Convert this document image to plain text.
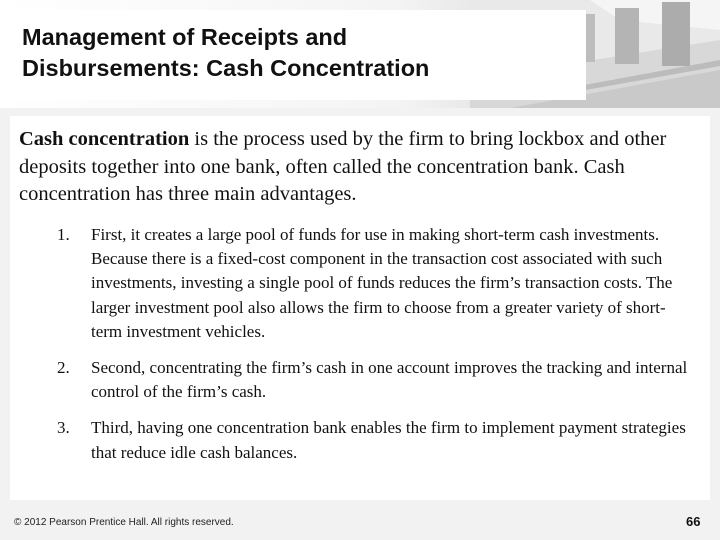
Management of Receipts and
Disbursements: Cash Concentration

Cash concentration is the process used by the firm to bring lockbox and other deposits together into one bank, often called the concentration bank. Cash concentration has three main advantages.

1. First, it creates a large pool of funds for use in making short-term cash investments. Because there is a fixed-cost component in the transaction cost associated with such investments, investing a single pool of funds reduces the firm’s transaction costs. The larger investment pool also allows the firm to choose from a greater variety of short-term investment vehicles.
2. Second, concentrating the firm’s cash in one account improves the tracking and internal control of the firm’s cash.
3. Third, having one concentration bank enables the firm to implement payment strategies that reduce idle cash balances.

© 2012 Pearson Prentice Hall. All rights reserved.	66
